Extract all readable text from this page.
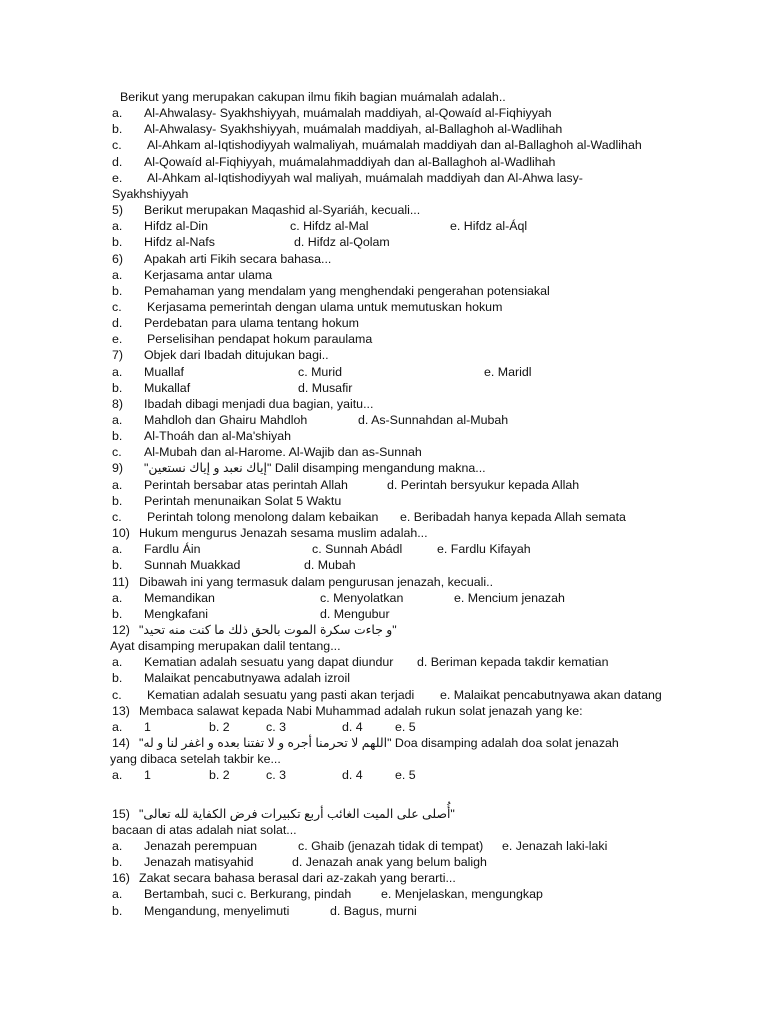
Berikut yang merupakan cakupan ilmu fikih bagian muámalah adalah..
a. Al-Ahwalasy- Syakhshiyyah, muámalah maddiyah, al-Qowaíd al-Fiqhiyyah
b. Al-Ahwalasy- Syakhshiyyah, muámalah maddiyah, al-Ballaghoh al-Wadlihah
c. Al-Ahkam al-Iqtishodiyyah walmaliyah, muámalah maddiyah dan al-Ballaghoh al-Wadlihah
d. Al-Qowaíd al-Fiqhiyyah, muámalahmaddiyah dan al-Ballaghoh al-Wadlihah
e. Al-Ahkam al-Iqtishodiyyah wal maliyah, muámalah maddiyah dan Al-Ahwa lasy-
Syakhshiyyah
5) Berikut merupakan Maqashid al-Syariáh, kecuali...
a. Hifdz al-Din	c. Hifdz al-Mal	e. Hifdz al-Áql
b. Hifdz al-Nafs	d. Hifdz al-Qolam
6) Apakah arti Fikih secara bahasa...
a. Kerjasama antar ulama
b. Pemahaman yang mendalam yang menghendaki pengerahan potensiakal
c. Kerjasama pemerintah dengan ulama untuk memutuskan hokum
d. Perdebatan para ulama tentang hokum
e. Perselisihan pendapat hokum paraulama
7) Objek dari Ibadah ditujukan bagi..
a. Muallaf	c. Murid	e. Maridl
b. Mukallaf	d. Musafir
8) Ibadah dibagi menjadi dua bagian, yaitu...
a. Mahdloh dan Ghairu Mahdloh	d. As-Sunnahdan al-Mubah
b. Al-Thoáh dan al-Ma'shiyah
c. Al-Mubah dan al-Harome. Al-Wajib dan as-Sunnah
9) "إياك نعبد و إياك نستعين" Dalil disamping mengandung makna...
a. Perintah bersabar atas perintah Allah	d. Perintah bersyukur kepada Allah
b. Perintah menunaikan Solat 5 Waktu
c. Perintah tolong menolong dalam kebaikan e. Beribadah hanya kepada Allah semata
10) Hukum mengurus Jenazah sesama muslim adalah...
a. Fardlu Áin	c. Sunnah Abádl	e. Fardlu Kifayah
b. Sunnah Muakkad	d. Mubah
11) Dibawah ini yang termasuk dalam pengurusan jenazah, kecuali..
a. Memandikan	c. Menyolatkan	e. Mencium jenazah
b. Mengkafani	d. Mengubur
12) "و جاءت سكرة الموت بالحق ذلك ما كنت منه تحيد"
Ayat disamping merupakan dalil tentang...
a. Kematian adalah sesuatu yang dapat diundur d. Beriman kepada takdir kematian
b. Malaikat pencabutnyawa adalah izroil
c. Kematian adalah sesuatu yang pasti akan terjadi e. Malaikat pencabutnyawa akan datang
13) Membaca salawat kepada Nabi Muhammad adalah rukun solat jenazah yang ke:
a. 1	b. 2	c. 3	d. 4	e. 5
14) "اللهم لا تحرمنا أجره و لا تفتنا بعده و اغفر لنا و له" Doa disamping adalah doa solat jenazah
yang dibaca setelah takbir ke...
a. 1	b. 2	c. 3	d. 4	e. 5
15) "أُصلى على الميت الغائب أربع تكبيرات فرض الكفاية لله تعالى"
bacaan di atas adalah niat solat...
a. Jenazah perempuan	c. Ghaib (jenazah tidak di tempat) e. Jenazah laki-laki
b. Jenazah matisyahid	d. Jenazah anak yang belum baligh
16) Zakat secara bahasa berasal dari az-zakah yang berarti...
a. Bertambah, suci c. Berkurang, pindah e. Menjelaskan, mengungkap
b. Mengandung, menyelimuti	d. Bagus, murni
